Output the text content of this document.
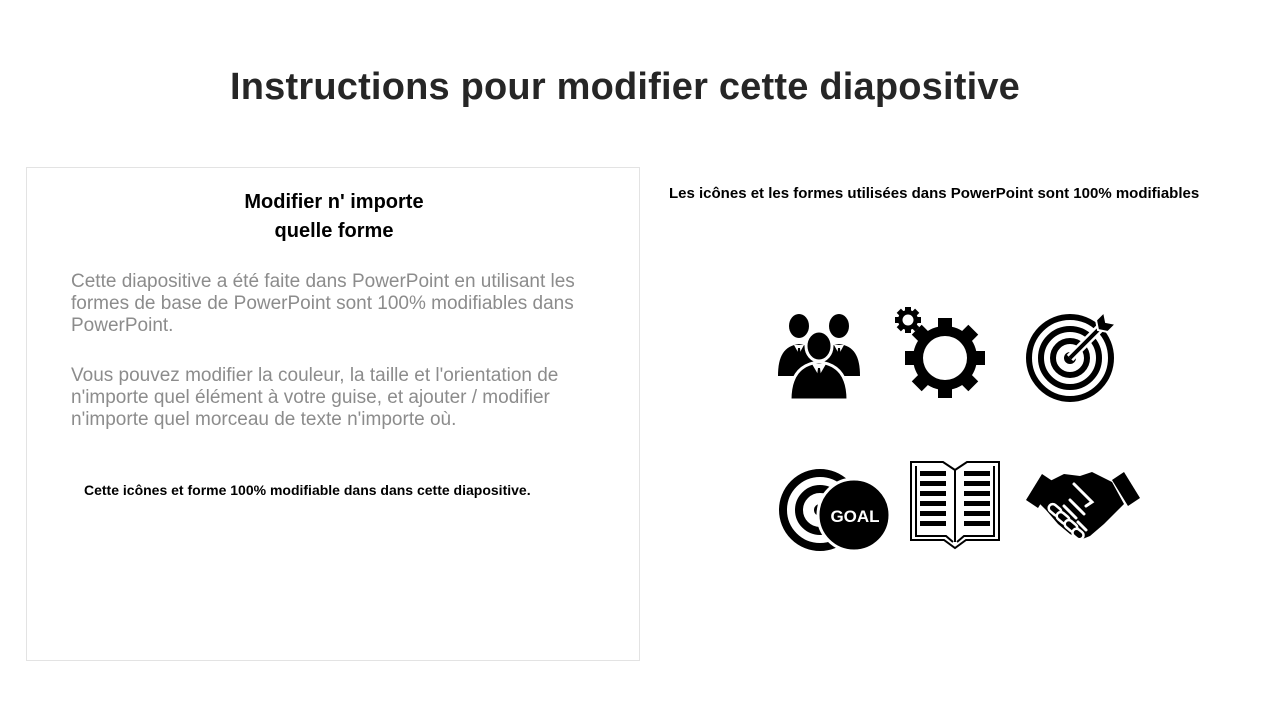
Instructions pour modifier cette diapositive
Modifier n' importe
quelle forme

Cette diapositive a été faite dans PowerPoint en utilisant les formes de base de PowerPoint sont 100% modifiables dans PowerPoint.

Vous pouvez modifier la couleur, la taille et l'orientation de n'importe quel élément à votre guise, et ajouter / modifier n'importe quel morceau de texte n'importe où.

Cette icônes et forme 100% modifiable dans dans cette diapositive.

Les icônes et les formes utilisées dans PowerPoint sont 100% modifiables

GOAL
